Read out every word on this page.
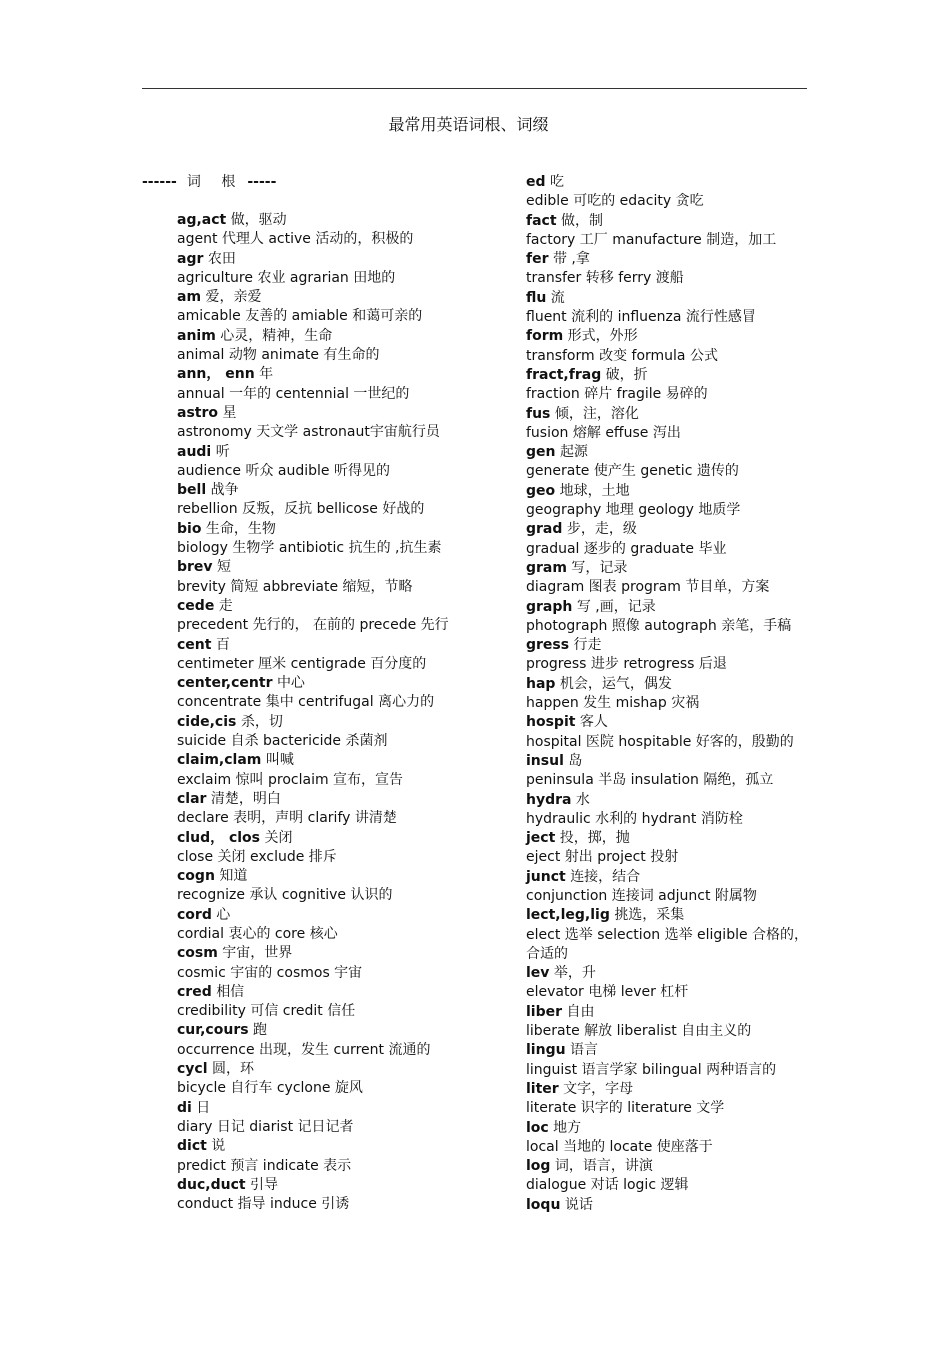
最常用英语词根、词缀
------ 词 根 -----
ag,act 做，驱动
agent 代理人 active 活动的，积极的
agr 农田
agriculture 农业 agrarian 田地的
am 爱，亲爱
amicable 友善的 amiable 和蔼可亲的
anim 心灵，精神，生命
animal 动物 animate 有生命的
ann， enn 年
annual 一年的 centennial 一世纪的
astro 星
astronomy 天文学 astronaut宇宙航行员
audi 听
audience 听众 audible 听得见的
bell 战争
rebellion 反叛，反抗 bellicose 好战的
bio 生命，生物
biology 生物学 antibiotic 抗生的 ,抗生素
brev 短
brevity 简短 abbreviate 缩短，节略
cede 走
precedent 先行的， 在前的 precede 先行
cent 百
centimeter 厘米 centigrade 百分度的
center,centr 中心
concentrate 集中 centrifugal 离心力的
cide,cis 杀，切
suicide 自杀 bactericide 杀菌剂
claim,clam 叫喊
exclaim 惊叫 proclaim 宣布，宣告
clar 清楚，明白
declare 表明，声明 clarify 讲清楚
clud， clos 关闭
close 关闭 exclude 排斥
cogn 知道
recognize 承认 cognitive 认识的
cord 心
cordial 衷心的 core 核心
cosm 宇宙，世界
cosmic 宇宙的 cosmos 宇宙
cred 相信
credibility 可信 credit 信任
cur,cours 跑
occurrence 出现，发生 current 流通的
cycl 圆，环
bicycle 自行车 cyclone 旋风
di 日
diary 日记 diarist 记日记者
dict 说
predict 预言 indicate 表示
duc,duct 引导
conduct 指导 induce 引诱
ed 吃
edible 可吃的 edacity 贪吃
fact 做，制
factory 工厂 manufacture 制造，加工
fer 带 ,拿
transfer 转移 ferry 渡船
flu 流
fluent 流利的 influenza 流行性感冒
form 形式，外形
transform 改变 formula 公式
fract,frag 破，折
fraction 碎片 fragile 易碎的
fus 倾，注，溶化
fusion 熔解 effuse 泻出
gen 起源
generate 使产生 genetic 遗传的
geo 地球，土地
geography 地理 geology 地质学
grad 步，走，级
gradual 逐步的 graduate 毕业
gram 写，记录
diagram 图表 program 节目单，方案
graph 写 ,画，记录
photograph 照像 autograph 亲笔，手稿
gress 行走
progress 进步 retrogress 后退
hap 机会，运气，偶发
happen 发生 mishap 灾祸
hospit 客人
hospital 医院 hospitable 好客的，殷勤的
insul 岛
peninsula 半岛 insulation 隔绝，孤立
hydra 水
hydraulic 水利的 hydrant 消防栓
ject 投，掷，抛
eject 射出 project 投射
junct 连接，结合
conjunction 连接词 adjunct 附属物
lect,leg,lig 挑选，采集
elect 选举 selection 选举 eligible 合格的，合适的
lev 举，升
elevator 电梯 lever 杠杆
liber 自由
liberate 解放 liberalist 自由主义的
lingu 语言
linguist 语言学家 bilingual 两种语言的
liter 文字，字母
literate 识字的 literature 文学
loc 地方
local 当地的 locate 使座落于
log 词，语言，讲演
dialogue 对话 logic 逻辑
loqu 说话
